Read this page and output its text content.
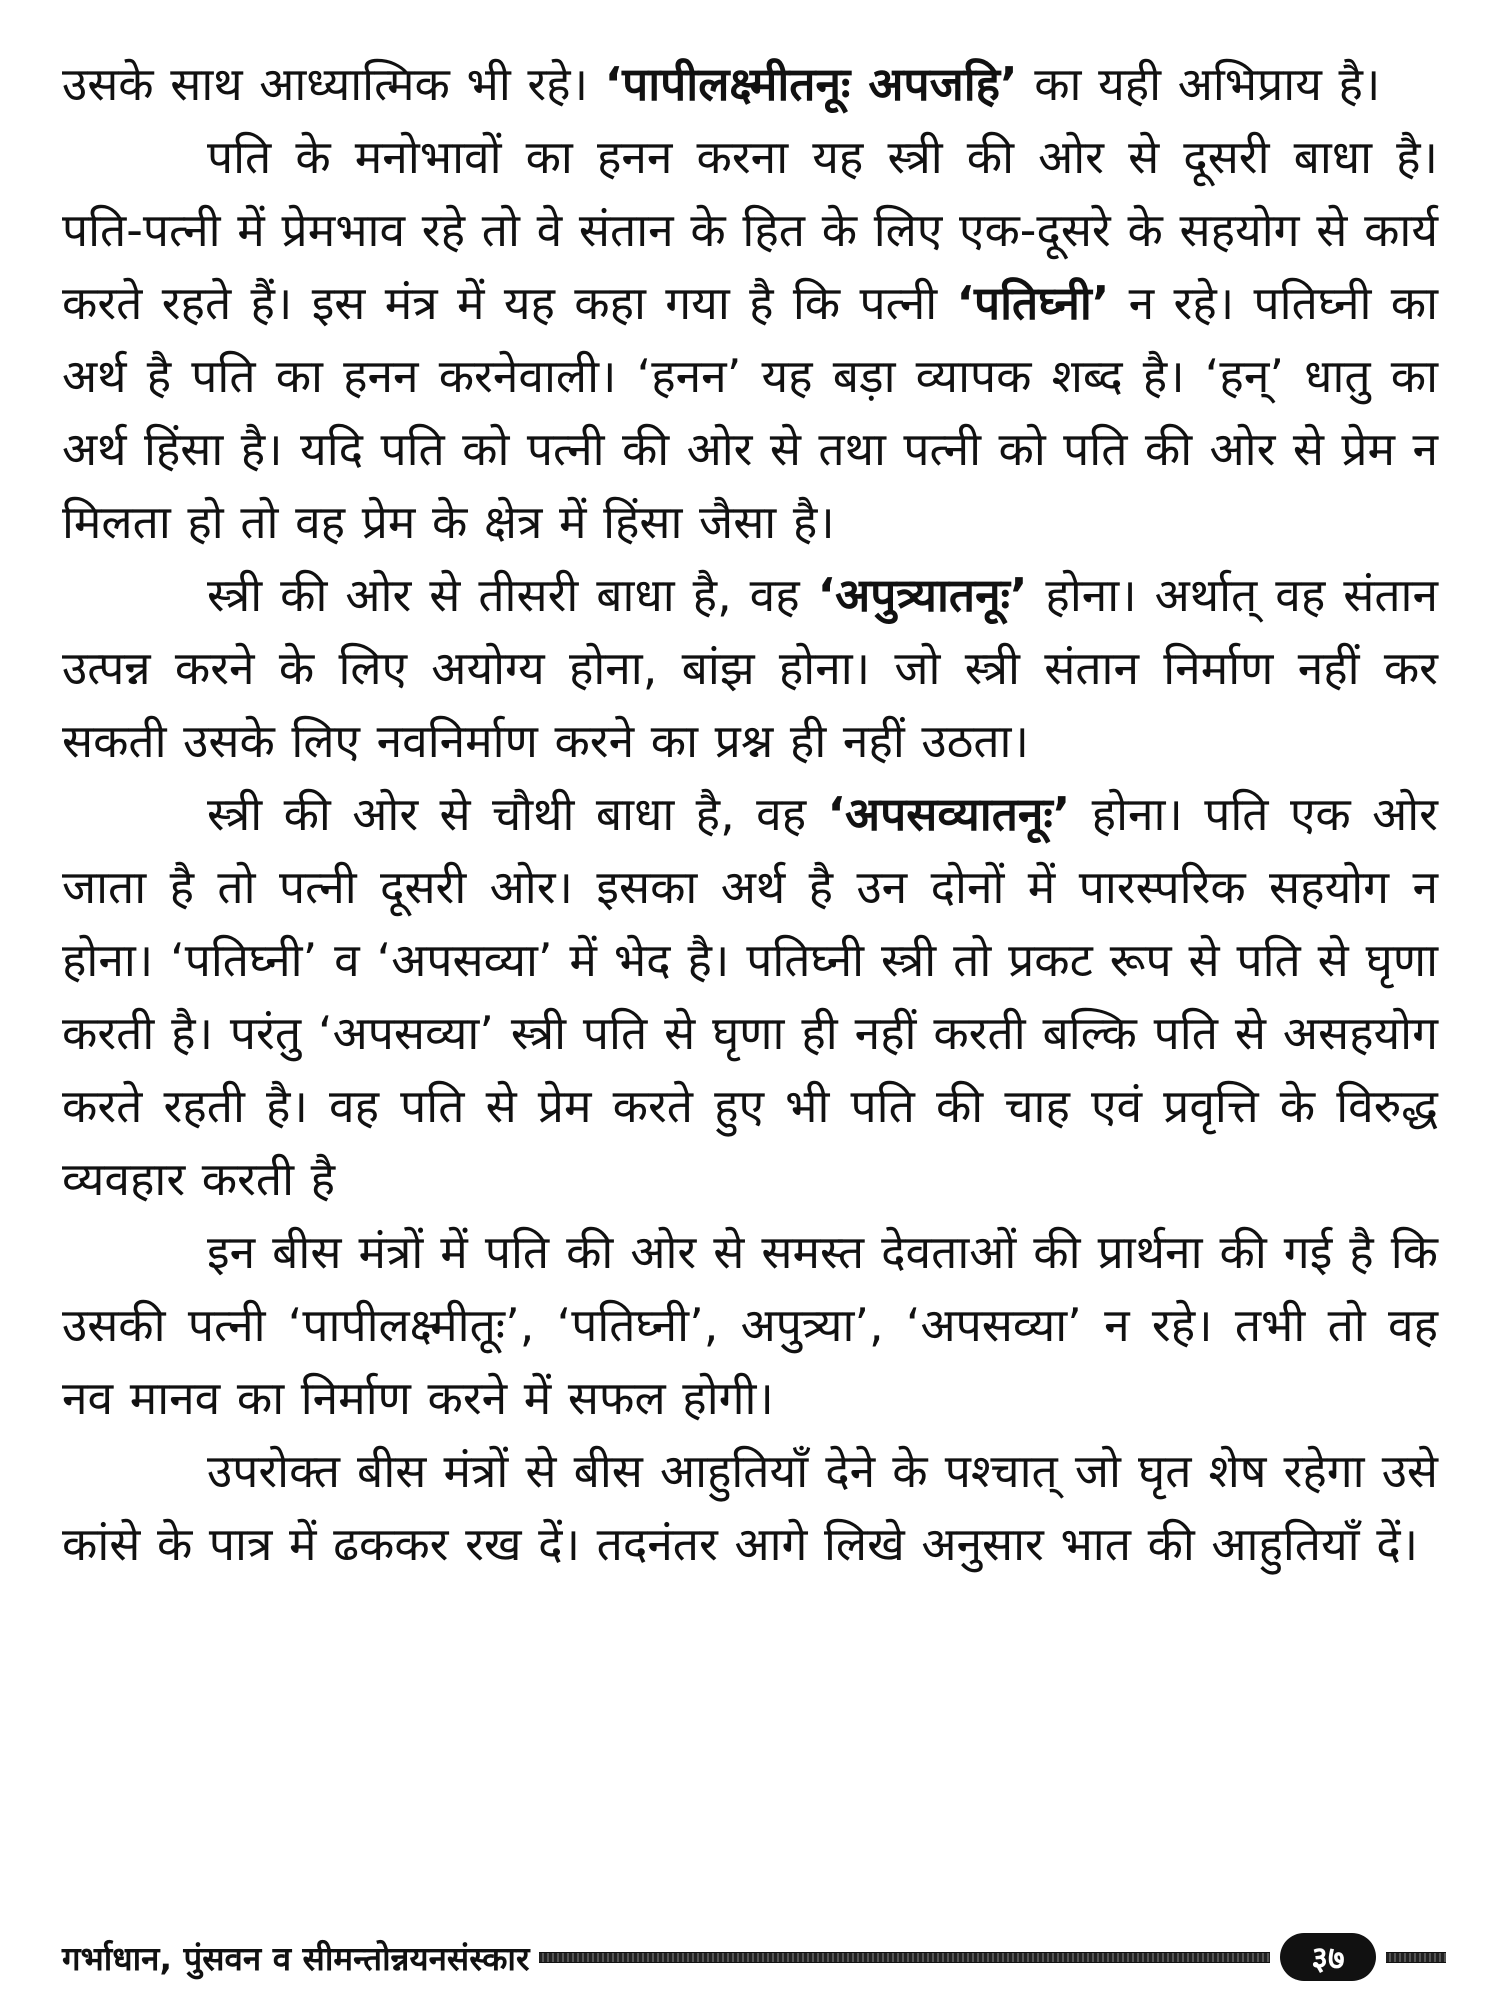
उसके साथ आध्यात्मिक भी रहे। ‘पापीलक्ष्मीतनूः अपजहि’ का यही अभिप्राय है।

पति के मनोभावों का हनन करना यह स्त्री की ओर से दूसरी बाधा है। पति-पत्नी में प्रेमभाव रहे तो वे संतान के हित के लिए एक-दूसरे के सहयोग से कार्य करते रहते हैं। इस मंत्र में यह कहा गया है कि पत्नी ‘पतिघ्नी’ न रहे। पतिघ्नी का अर्थ है पति का हनन करनेवाली। ‘हनन’ यह बड़ा व्यापक शब्द है। ‘हन्’ धातु का अर्थ हिंसा है। यदि पति को पत्नी की ओर से तथा पत्नी को पति की ओर से प्रेम न मिलता हो तो वह प्रेम के क्षेत्र में हिंसा जैसा है।

स्त्री की ओर से तीसरी बाधा है, वह ‘अपुत्र्यातनूः’ होना। अर्थात् वह संतान उत्पन्न करने के लिए अयोग्य होना, बांझ होना। जो स्त्री संतान निर्माण नहीं कर सकती उसके लिए नवनिर्माण करने का प्रश्न ही नहीं उठता।

स्त्री की ओर से चौथी बाधा है, वह ‘अपसव्यातनूः’ होना। पति एक ओर जाता है तो पत्नी दूसरी ओर। इसका अर्थ है उन दोनों में पारस्परिक सहयोग न होना। ‘पतिघ्नी’ व ‘अपसव्या’ में भेद है। पतिघ्नी स्त्री तो प्रकट रूप से पति से घृणा करती है। परंतु ‘अपसव्या’ स्त्री पति से घृणा ही नहीं करती बल्कि पति से असहयोग करते रहती है। वह पति से प्रेम करते हुए भी पति की चाह एवं प्रवृत्ति के विरुद्ध व्यवहार करती है

इन बीस मंत्रों में पति की ओर से समस्त देवताओं की प्रार्थना की गई है कि उसकी पत्नी ‘पापीलक्ष्मीतूः’, ‘पतिघ्नी’, अपुत्र्या’, ‘अपसव्या’ न रहे। तभी तो वह नव मानव का निर्माण करने में सफल होगी।

उपरोक्त बीस मंत्रों से बीस आहुतियाँ देने के पश्चात् जो घृत शेष रहेगा उसे कांसे के पात्र में ढककर रख दें। तदनंतर आगे लिखे अनुसार भात की आहुतियाँ दें।

गर्भाधान, पुंसवन व सीमन्तोन्नयनसंस्कार	३७
